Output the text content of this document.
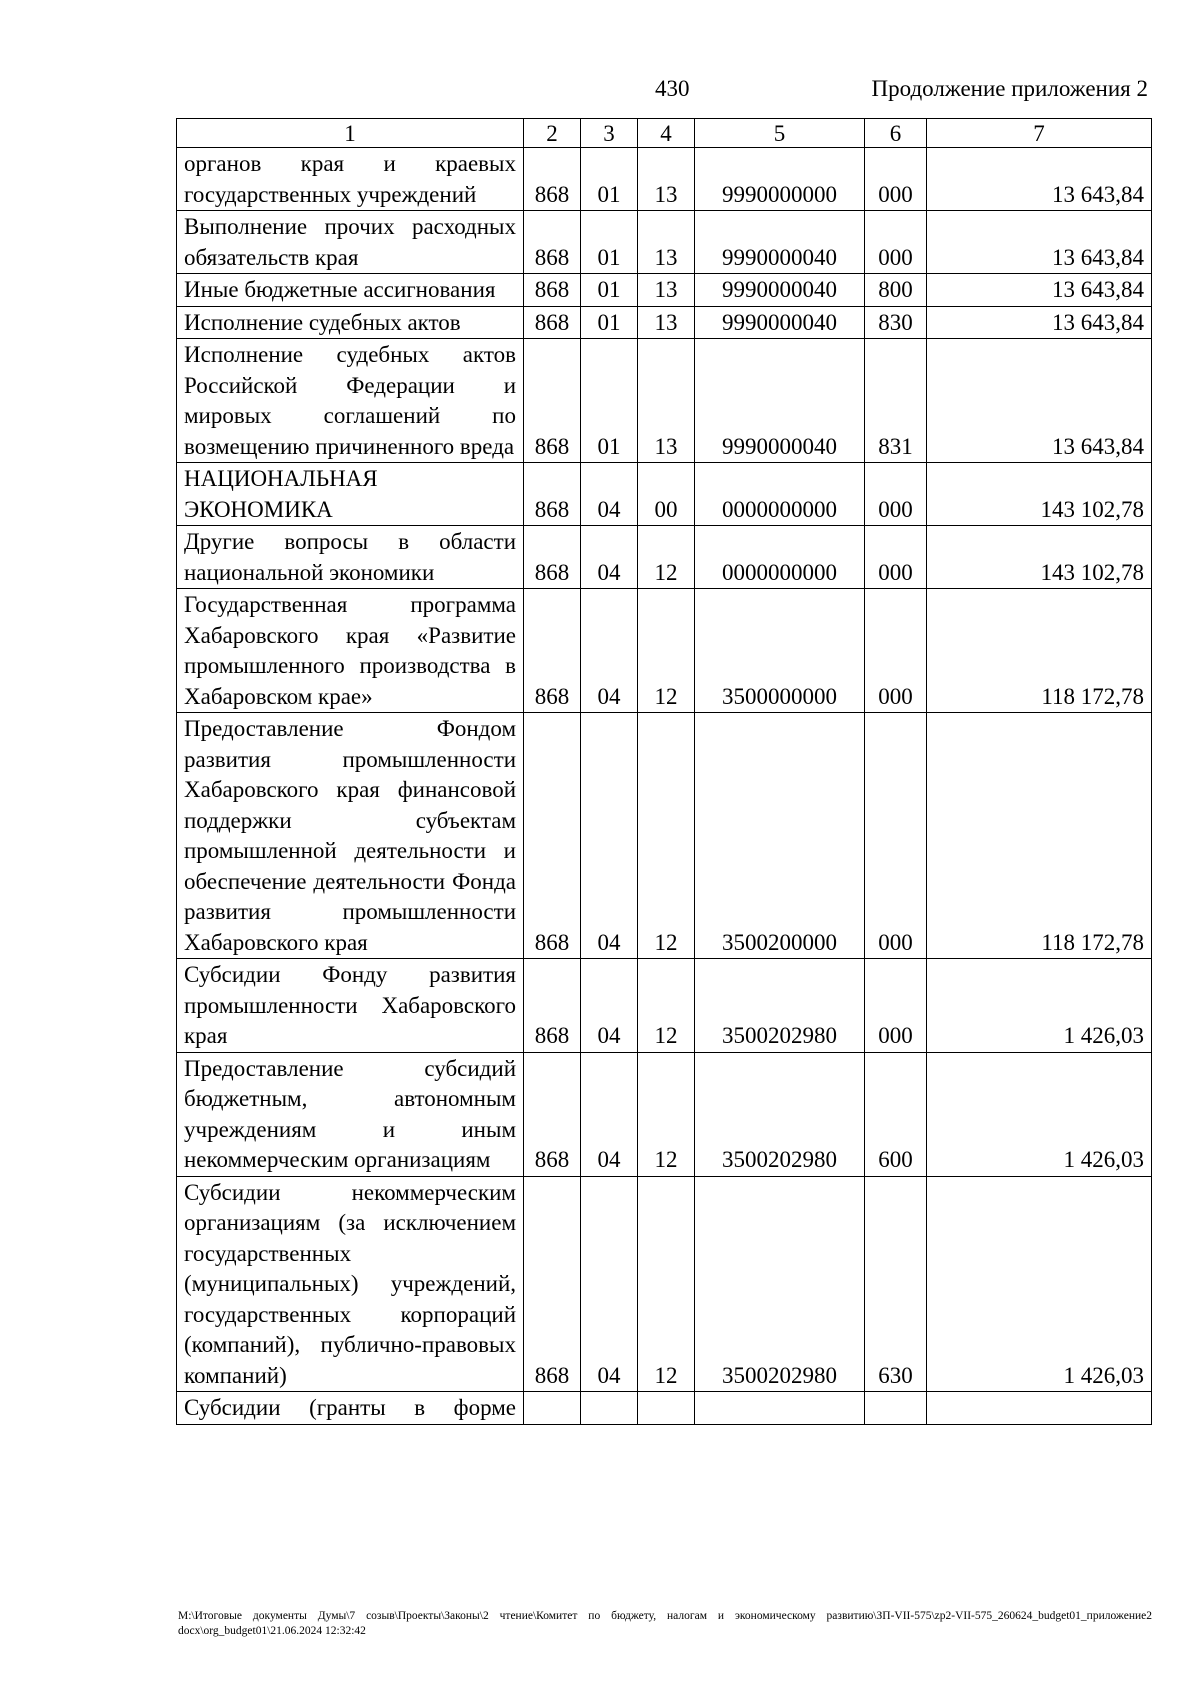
430	Продолжение приложения 2
1	2	3	4	5	6	7
органов края и краевых государственных учреждений	868	01	13	9990000000	000	13 643,84
Выполнение прочих расходных обязательств края	868	01	13	9990000040	000	13 643,84
Иные бюджетные ассигнования	868	01	13	9990000040	800	13 643,84
Исполнение судебных актов	868	01	13	9990000040	830	13 643,84
Исполнение судебных актов Российской Федерации и мировых соглашений по возмещению причиненного вреда	868	01	13	9990000040	831	13 643,84
НАЦИОНАЛЬНАЯ ЭКОНОМИКА	868	04	00	0000000000	000	143 102,78
Другие вопросы в области национальной экономики	868	04	12	0000000000	000	143 102,78
Государственная программа Хабаровского края «Развитие промышленного производства в Хабаровском крае»	868	04	12	3500000000	000	118 172,78
Предоставление Фондом развития промышленности Хабаровского края финансовой поддержки субъектам промышленной деятельности и обеспечение деятельности Фонда развития промышленности Хабаровского края	868	04	12	3500200000	000	118 172,78
Субсидии Фонду развития промышленности Хабаровского края	868	04	12	3500202980	000	1 426,03
Предоставление субсидий бюджетным, автономным учреждениям и иным некоммерческим организациям	868	04	12	3500202980	600	1 426,03
Субсидии некоммерческим организациям (за исключением государственных (муниципальных) учреждений, государственных корпораций (компаний), публично-правовых компаний)	868	04	12	3500202980	630	1 426,03
Субсидии (гранты в форме						
М:\Итоговые документы Думы\7 созыв\Проекты\Законы\2 чтение\Комитет по бюджету, налогам и экономическому развитию\ЗП-VII-575\zp2-VII-575_260624_budget01_приложение2 docx\org_budget01\21.06.2024 12:32:42
